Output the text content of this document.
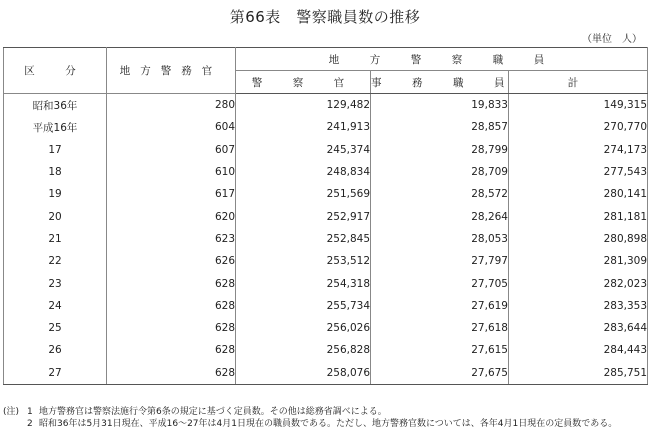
第66表　警察職員数の推移
（単位　人）
区　分	地方警務官	地　方　警　察　職　員		
		警　察　官	事　務　職　員	計
昭和36年	280	129,482	19,833	149,315
平成16年	604	241,913	28,857	270,770
17	607	245,374	28,799	274,173
18	610	248,834	28,709	277,543
19	617	251,569	28,572	280,141
20	620	252,917	28,264	281,181
21	623	252,845	28,053	280,898
22	626	253,512	27,797	281,309
23	628	254,318	27,705	282,023
24	628	255,734	27,619	283,353
25	628	256,026	27,618	283,644
26	628	256,828	27,615	284,443
27	628	258,076	27,675	285,751
(注) 1 地方警務官は警察法施行令第6条の規定に基づく定員数。その他は総務省調べによる。
2 昭和36年は5月31日現在、平成16～27年は4月1日現在の職員数である。ただし、地方警務官数については、各年4月1日現在の定員数である。
